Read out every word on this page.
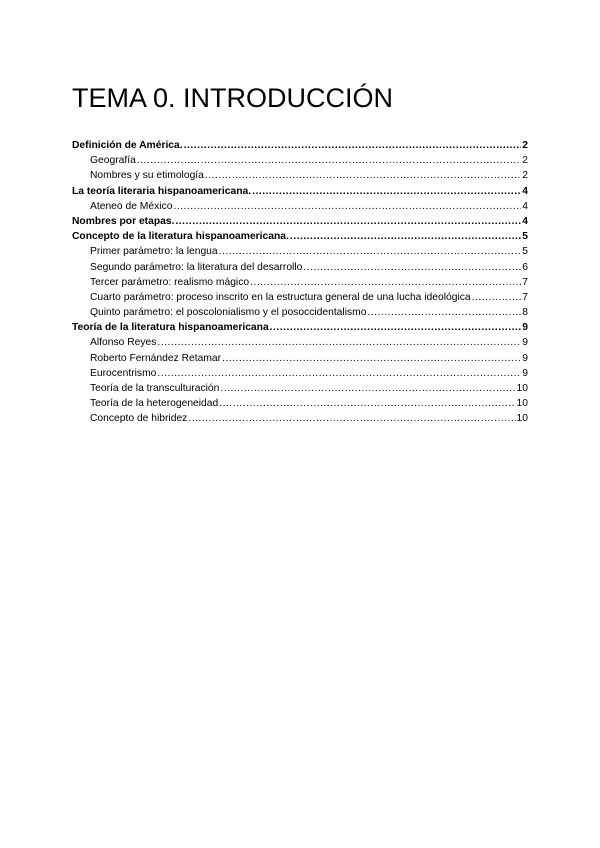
TEMA 0. INTRODUCCIÓN
Definición de América. .....	2
Geografía .....	2
Nombres y su etimología .....	2
La teoría literaria hispanoamericana. .....	4
Ateneo de México .....	4
Nombres por etapas. .....	4
Concepto de la literatura hispanoamericana. .....	5
Primer parámetro: la lengua .....	5
Segundo parámetro: la literatura del desarrollo .....	6
Tercer parámetro: realismo mágico .....	7
Cuarto parámetro: proceso inscrito en la estructura general de una lucha ideológica .....	7
Quinto parámetro: el poscolonialismo y el posoccidentalismo .....	8
Teoría de la literatura hispanoamericana .....	9
Alfonso Reyes .....	9
Roberto Fernández Retamar .....	9
Eurocentrismo .....	9
Teoría de la transculturación .....	10
Teoría de la heterogeneidad .....	10
Concepto de hibridez .....	10
